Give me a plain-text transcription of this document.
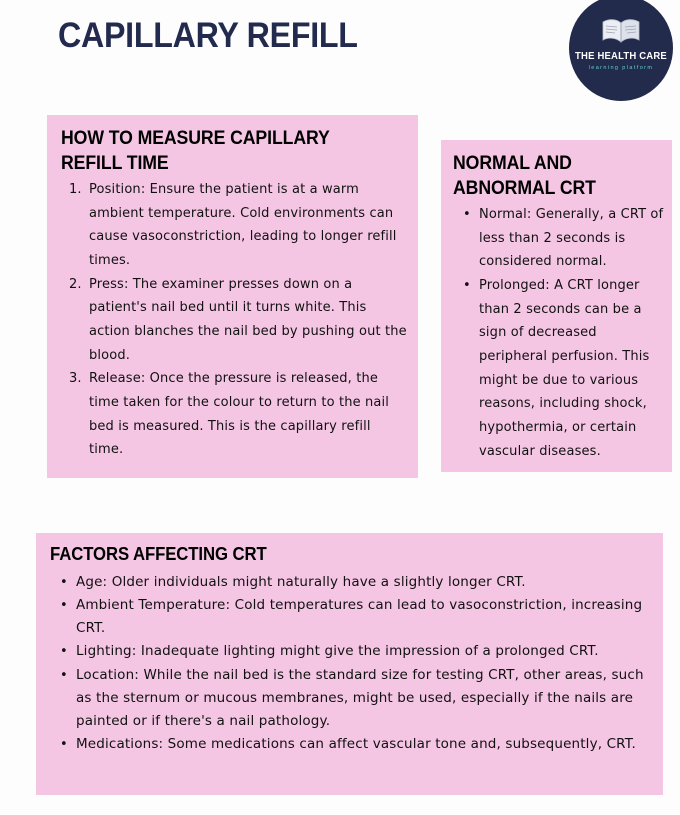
CAPILLARY REFILL
THE HEALTH CARE
learning platform
HOW TO MEASURE CAPILLARY REFILL TIME
Position: Ensure the patient is at a warm ambient temperature. Cold environments can cause vasoconstriction, leading to longer refill times.
Press: The examiner presses down on a patient's nail bed until it turns white. This action blanches the nail bed by pushing out the blood.
Release: Once the pressure is released, the time taken for the colour to return to the nail bed is measured. This is the capillary refill time.
NORMAL AND ABNORMAL CRT
• Normal: Generally, a CRT of less than 2 seconds is considered normal.
• Prolonged: A CRT longer than 2 seconds can be a sign of decreased peripheral perfusion. This might be due to various reasons, including shock, hypothermia, or certain vascular diseases.
FACTORS AFFECTING CRT
• Age: Older individuals might naturally have a slightly longer CRT.
• Ambient Temperature: Cold temperatures can lead to vasoconstriction, increasing CRT.
• Lighting: Inadequate lighting might give the impression of a prolonged CRT.
• Location: While the nail bed is the standard size for testing CRT, other areas, such as the sternum or mucous membranes, might be used, especially if the nails are painted or if there's a nail pathology.
• Medications: Some medications can affect vascular tone and, subsequently, CRT.
